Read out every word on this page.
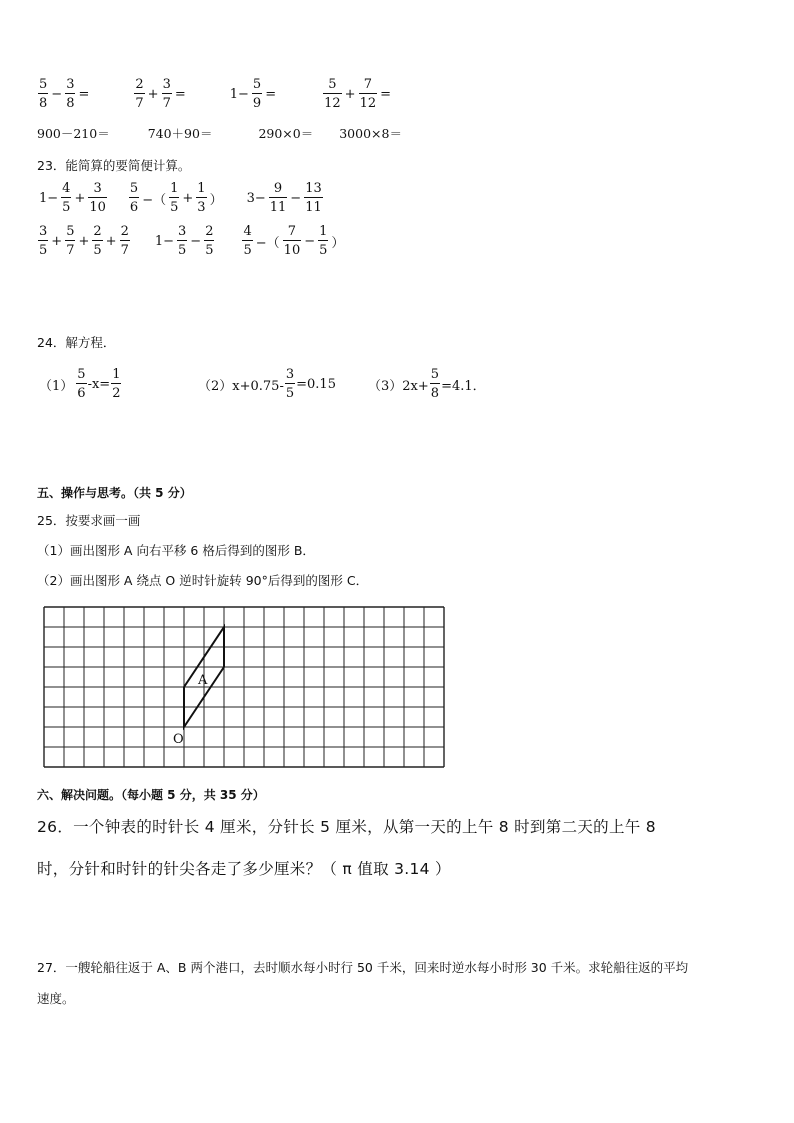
$\frac{5}{8} - \frac{3}{8}$ =	$\frac{2}{7} + \frac{3}{7}$ =	$1- \frac{5}{9}$ =	$\frac{5}{12} + \frac{7}{12}$ =
900－210＝	740＋90＝	290×0＝ 3000×8＝
23．能简算的要简便计算。
$1- \frac{4}{5} + \frac{3}{10} \frac{5}{6}$ −（ $\frac{1}{5} + \frac{1}{3}$ ） $3- \frac{9}{11} - \frac{13}{11}$
$\frac{3}{5} + \frac{5}{7} + \frac{2}{5} + \frac{2}{7} 1- \frac{3}{5} - \frac{2}{5} \frac{4}{5}$ −（ $\frac{7}{10} - \frac{1}{5}$ ）
24．解方程．
$(1) \frac{5}{6} -x= \frac{1}{2}$	$(2)x+0.75- \frac{3}{5} =0.15$ $(3)2x+ \frac{5}{8} =4.1$．
五、操作与思考。（共 5 分）
25．按要求画一画
（1）画出图形 A 向右平移 6 格后得到的图形 B．
（2）画出图形 A 绕点 O 逆时针旋转 90°后得到的图形 C．
A
O
六、解决问题。（每小题 5 分，共 35 分）
26．一个钟表的时针长 4 厘米，分针长 5 厘米，从第一天的上午 8 时到第二天的上午 8
时，分针和时针的针尖各走了多少厘米？（ π 值取 3.14 ）
27．一艘轮船往返于 A、B 两个港口，去时顺水每小时行 50 千米，回来时逆水每小时形 30 千米。求轮船往返的平均
速度。
